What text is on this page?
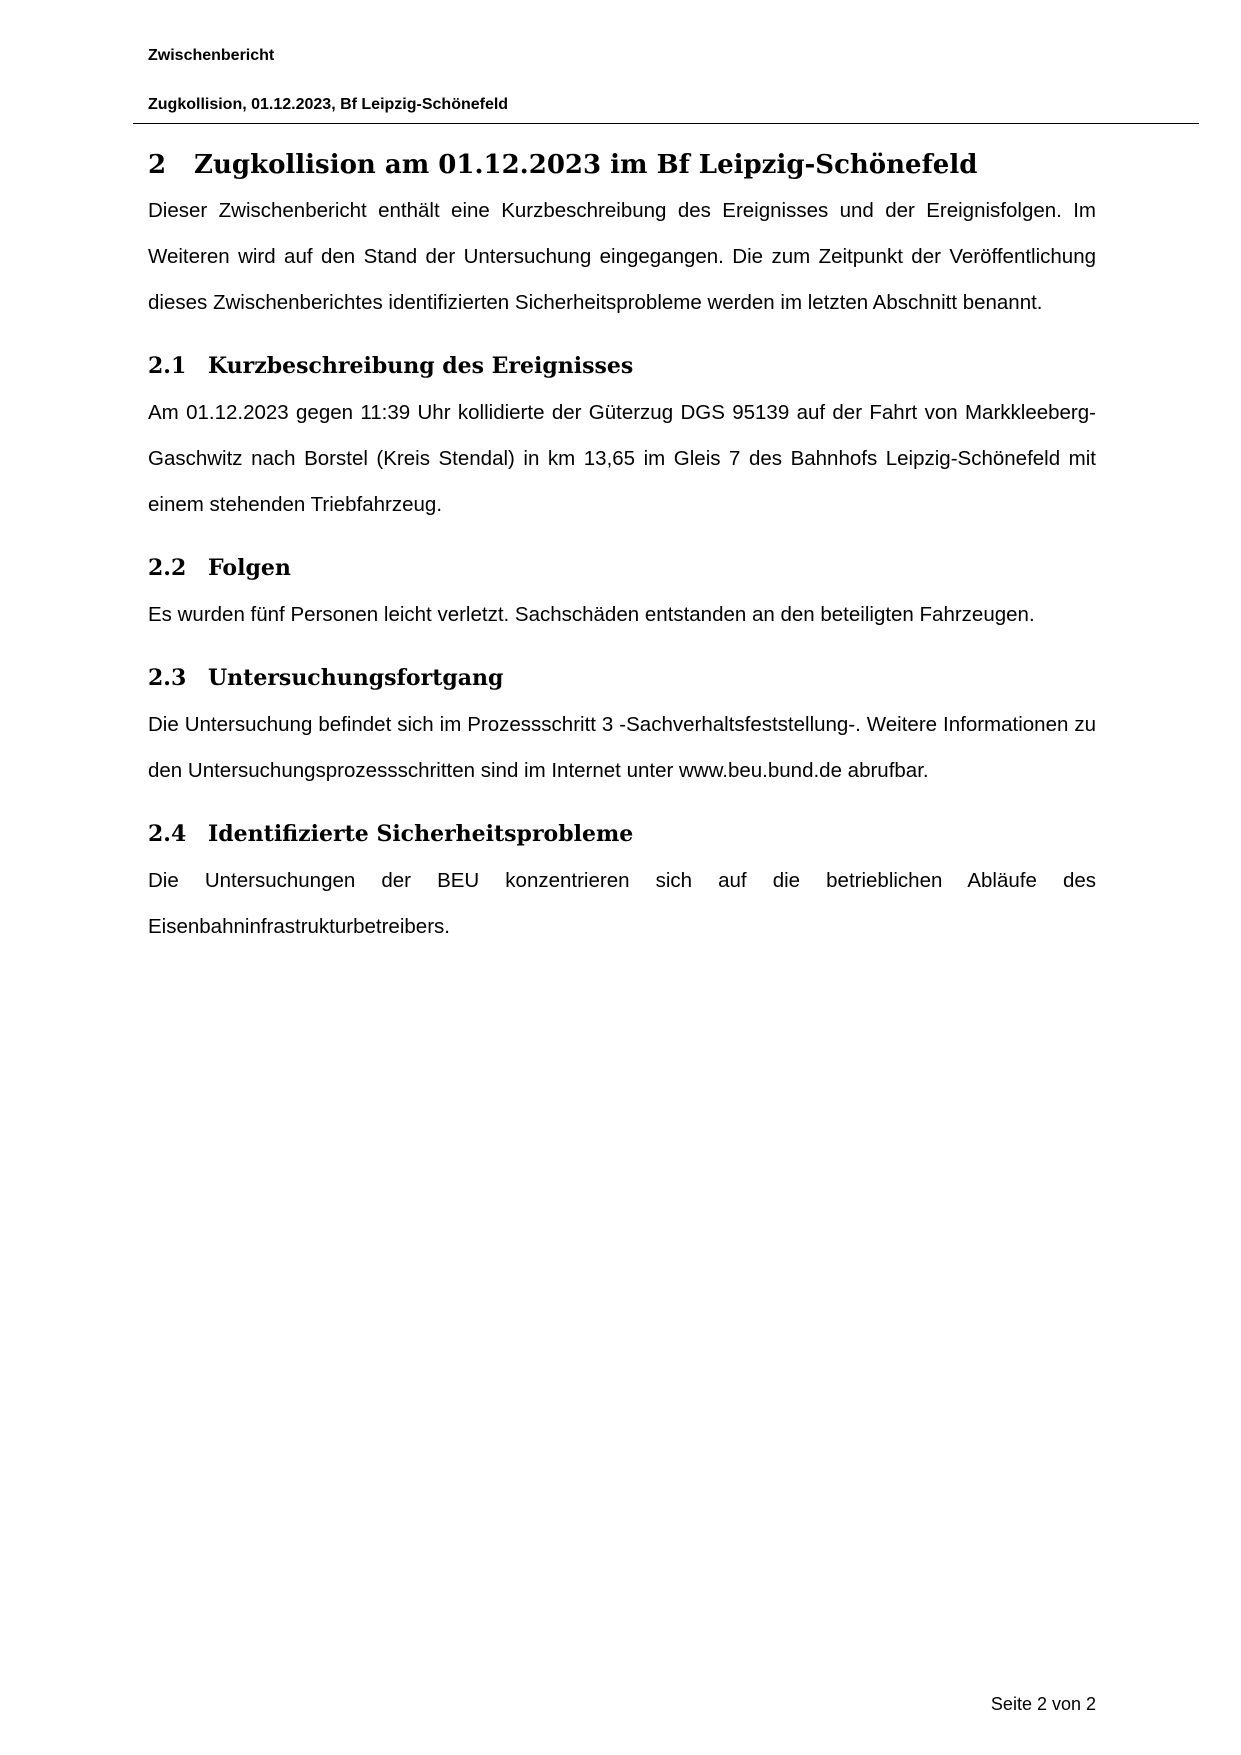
Zwischenbericht
Zugkollision, 01.12.2023, Bf Leipzig-Schönefeld
2	Zugkollision am 01.12.2023 im Bf Leipzig-Schönefeld

Dieser Zwischenbericht enthält eine Kurzbeschreibung des Ereignisses und der Ereignisfolgen. Im Weiteren wird auf den Stand der Untersuchung eingegangen. Die zum Zeitpunkt der Veröffentlichung dieses Zwischenberichtes identifizierten Sicherheitsprobleme werden im letzten Abschnitt benannt.

2.1 Kurzbeschreibung des Ereignisses

Am 01.12.2023 gegen 11:39 Uhr kollidierte der Güterzug DGS 95139 auf der Fahrt von Markkleeberg-Gaschwitz nach Borstel (Kreis Stendal) in km 13,65 im Gleis 7 des Bahnhofs Leipzig-Schönefeld mit einem stehenden Triebfahrzeug.

2.2 Folgen

Es wurden fünf Personen leicht verletzt. Sachschäden entstanden an den beteiligten Fahrzeugen.

2.3 Untersuchungsfortgang

Die Untersuchung befindet sich im Prozessschritt 3 -Sachverhaltsfeststellung-. Weitere Informationen zu den Untersuchungsprozessschritten sind im Internet unter www.beu.bund.de abrufbar.

2.4 Identifizierte Sicherheitsprobleme

Die Untersuchungen der BEU konzentrieren sich auf die betrieblichen Abläufe des Eisenbahninfrastrukturbetreibers.

Seite 2 von 2
